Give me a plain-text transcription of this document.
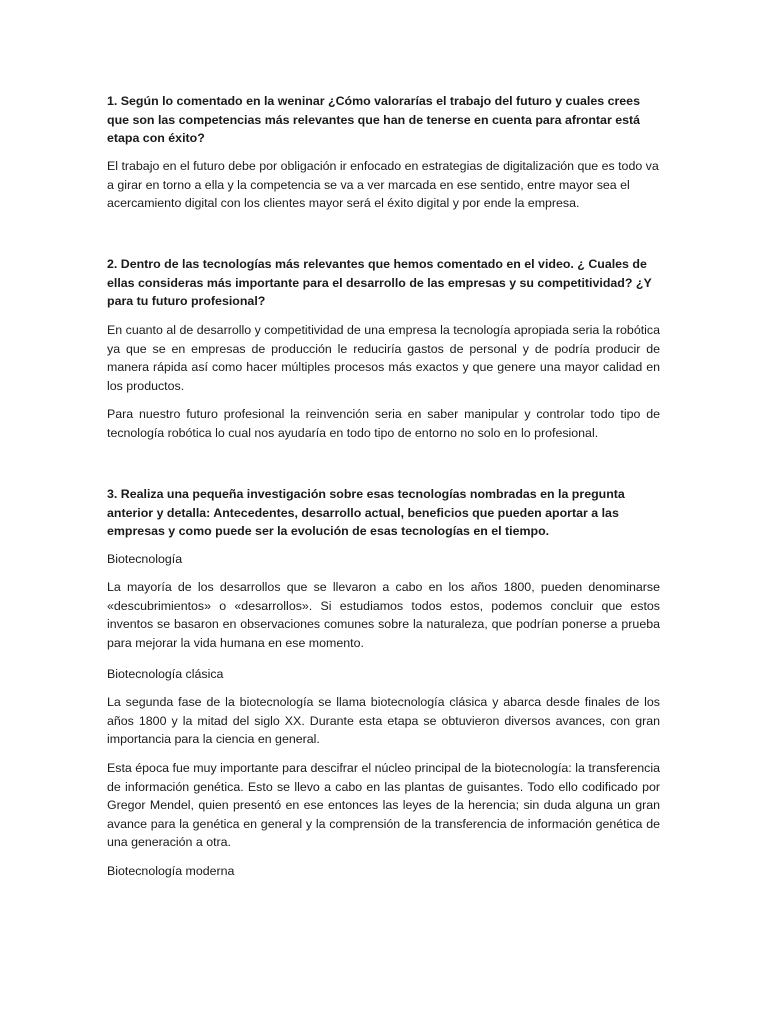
1. Según lo comentado en la weninar ¿Cómo valorarías el trabajo del futuro y cuales crees que son las competencias más relevantes que han de tenerse en cuenta para afrontar está etapa con éxito?

El trabajo en el futuro debe por obligación ir enfocado en estrategias de digitalización que es todo va a girar en torno a ella y la competencia se va a ver marcada en ese sentido, entre mayor sea el acercamiento digital con los clientes mayor será el éxito digital y por ende la empresa.

2. Dentro de las tecnologías más relevantes que hemos comentado en el video. ¿ Cuales de ellas consideras más importante para el desarrollo de las empresas y su competitividad? ¿Y para tu futuro profesional?

En cuanto al de desarrollo y competitividad de una empresa la tecnología apropiada seria la robótica ya que se en empresas de producción le reduciría gastos de personal y de podría producir de manera rápida así como hacer múltiples procesos más exactos y que genere una mayor calidad en los productos.

Para nuestro futuro profesional la reinvención seria en saber manipular y controlar todo tipo de tecnología robótica lo cual nos ayudaría en todo tipo de entorno no solo en lo profesional.

3. Realiza una pequeña investigación sobre esas tecnologías nombradas en la pregunta anterior y detalla: Antecedentes, desarrollo actual, beneficios que pueden aportar a las empresas y como puede ser la evolución de esas tecnologías en el tiempo.

Biotecnología

La mayoría de los desarrollos que se llevaron a cabo en los años 1800, pueden denominarse «descubrimientos» o «desarrollos». Si estudiamos todos estos, podemos concluir que estos inventos se basaron en observaciones comunes sobre la naturaleza, que podrían ponerse a prueba para mejorar la vida humana en ese momento.

Biotecnología clásica

La segunda fase de la biotecnología se llama biotecnología clásica y abarca desde finales de los años 1800 y la mitad del siglo XX. Durante esta etapa se obtuvieron diversos avances, con gran importancia para la ciencia en general.

Esta época fue muy importante para descifrar el núcleo principal de la biotecnología: la transferencia de información genética. Esto se llevo a cabo en las plantas de guisantes. Todo ello codificado por Gregor Mendel, quien presentó en ese entonces las leyes de la herencia; sin duda alguna un gran avance para la genética en general y la comprensión de la transferencia de información genética de una generación a otra.

Biotecnología moderna
